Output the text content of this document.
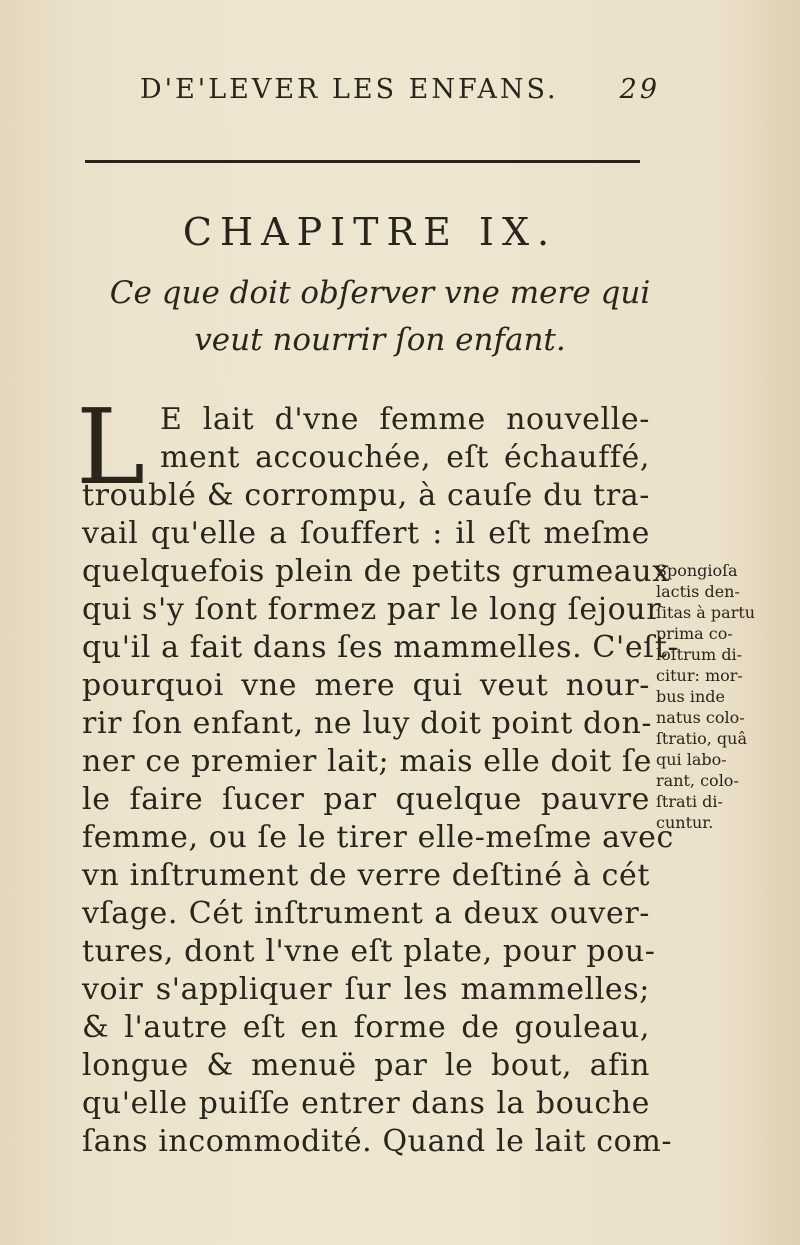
D'E'LEVER LES ENFANS. 29
CHAPITRE IX.
Ce que doit obſerver vne mere qui
veut nourrir ſon enfant.
L E lait d'vne femme nouvelle-
ment accouchée, eſt échauffé,
troublé & corrompu, à cauſe du tra-
vail qu'elle a ſouffert : il eſt meſme
quelquefois plein de petits grumeaux
qui s'y ſont formez par le long ſejour
qu'il a fait dans ſes mammelles. C'eſt-
pourquoi vne mere qui veut nour-
rir ſon enfant, ne luy doit point don-
ner ce premier lait; mais elle doit ſe
le faire ſucer par quelque pauvre
femme, ou ſe le tirer elle-meſme avec
vn inſtrument de verre deſtiné à cét
vſage. Cét inſtrument a deux ouver-
tures, dont l'vne eſt plate, pour pou-
voir s'appliquer ſur les mammelles;
& l'autre eſt en forme de gouleau,
longue & menuë par le bout, afin
qu'elle puiſſe entrer dans la bouche
ſans incommodité. Quand le lait com-
Spongioſa
lactis den-
ſitas à partu
prima co-
loſtrum di-
citur: mor-
bus inde
natus colo-
ſtratio, quâ
qui labo-
rant, colo-
ſtrati di-
cuntur.
